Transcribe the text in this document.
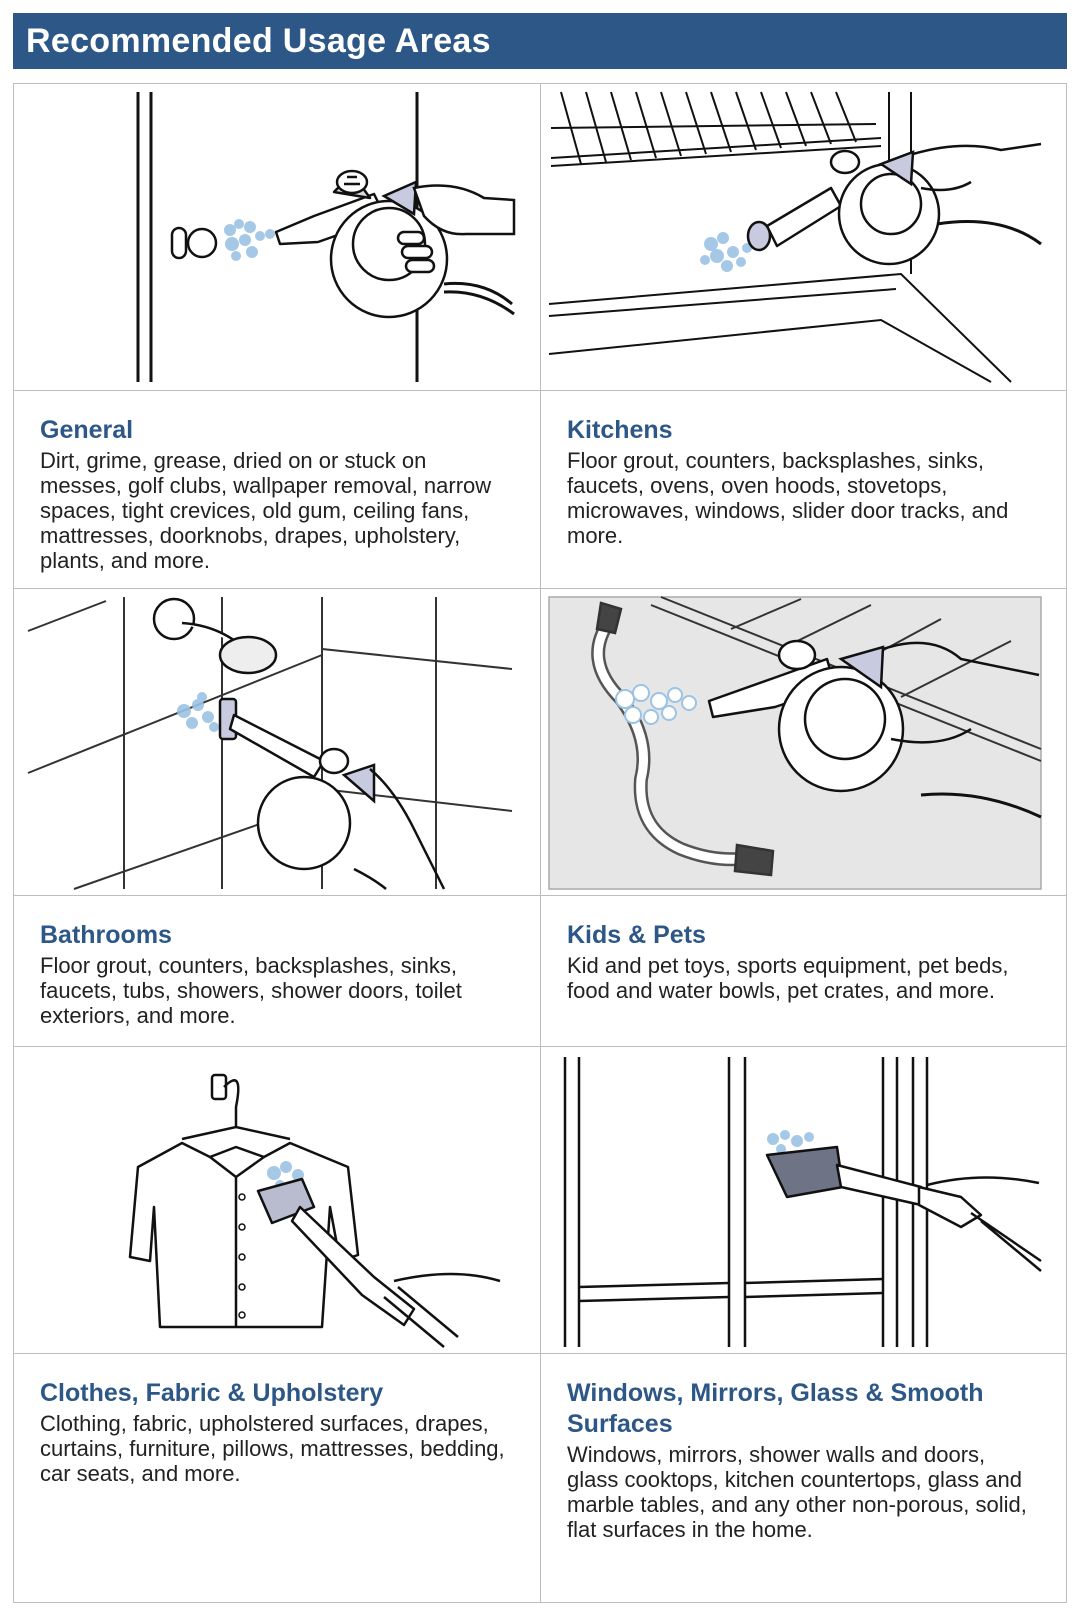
Recommended Usage Areas
General

Dirt, grime, grease, dried on or stuck on messes, golf clubs, wallpaper removal, narrow spaces, tight crevices, old gum, ceiling fans, mattresses, doorknobs, drapes, upholstery, plants, and more.

Kitchens

Floor grout, counters, backsplashes, sinks, faucets, ovens, oven hoods, stovetops, microwaves, windows, slider door tracks, and more.

Bathrooms

Floor grout, counters, backsplashes, sinks, faucets, tubs, showers, shower doors, toilet exteriors, and more.

Kids & Pets

Kid and pet toys, sports equipment, pet beds, food and water bowls, pet crates, and more.

Clothes, Fabric & Upholstery

Clothing, fabric, upholstered surfaces, drapes, curtains, furniture, pillows, mattresses, bedding, car seats, and more.

Windows, Mirrors, Glass & Smooth Surfaces

Windows, mirrors, shower walls and doors, glass cooktops, kitchen countertops, glass and marble tables, and any other non-porous, solid, flat surfaces in the home.
